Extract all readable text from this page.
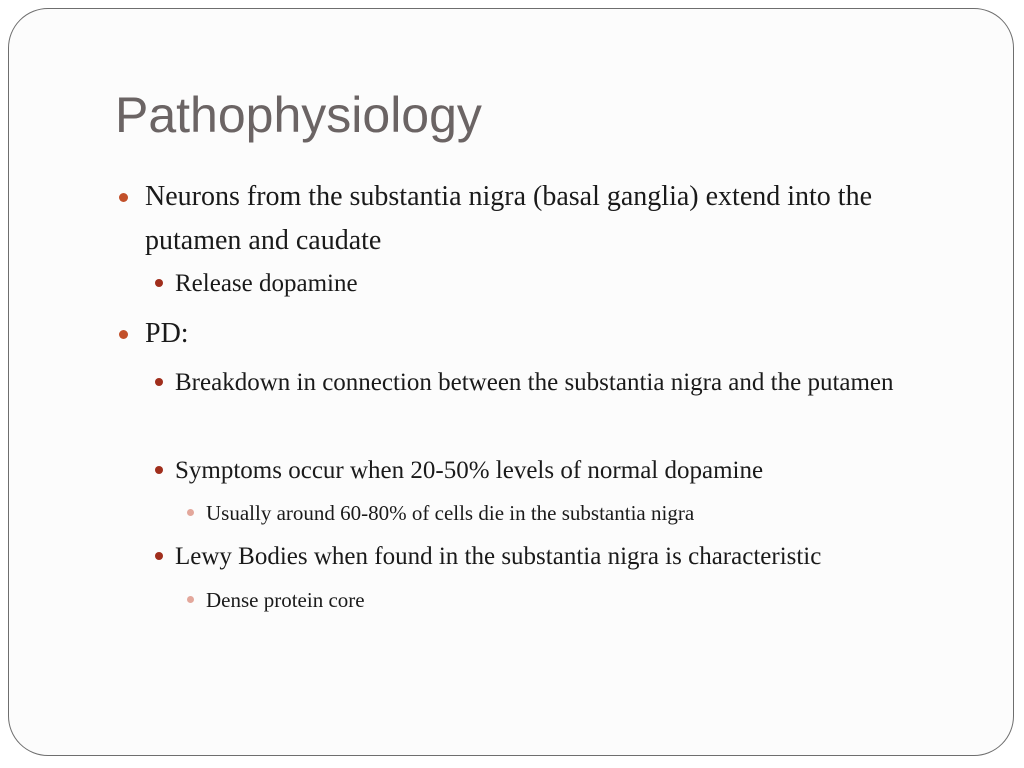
Pathophysiology
Neurons from the substantia nigra (basal ganglia) extend into the putamen and caudate
Release dopamine
PD:
Breakdown in connection between the substantia nigra and the putamen
Symptoms occur when 20-50% levels of normal dopamine
Usually around 60-80% of cells die in the substantia nigra
Lewy Bodies when found in the substantia nigra is characteristic
Dense protein core
